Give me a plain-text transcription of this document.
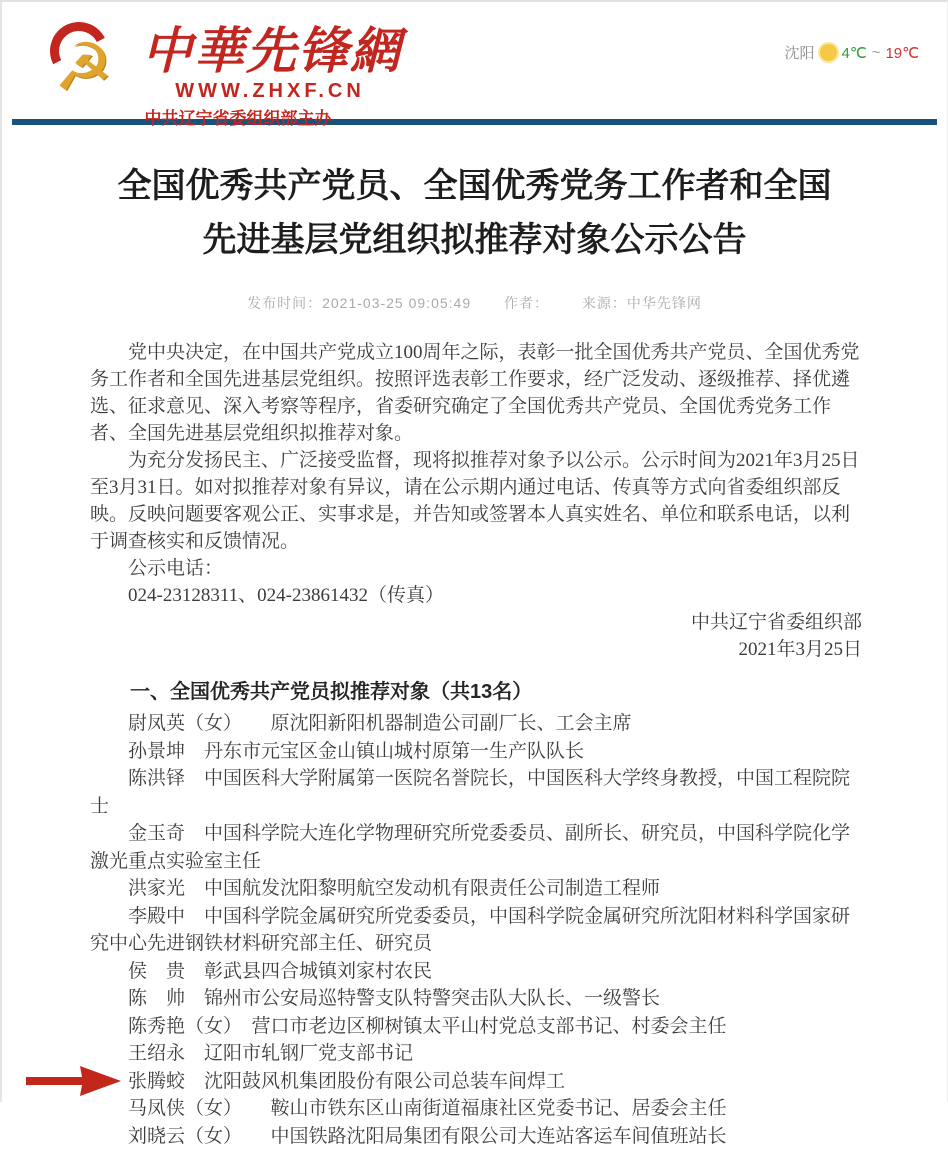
☭ 中華先锋網
WWW.ZHXF.CN
中共辽宁省委组织部主办
沈阳 4℃ ~ 19℃
全国优秀共产党员、全国优秀党务工作者和全国
先进基层党组织拟推荐对象公示公告
发布时间：2021-03-25 09:05:49 作者： 来源：中华先锋网

党中央决定，在中国共产党成立100周年之际，表彰一批全国优秀共产党员、全国优秀党务工作者和全国先进基层党组织。按照评选表彰工作要求，经广泛发动、逐级推荐、择优遴选、征求意见、深入考察等程序，省委研究确定了全国优秀共产党员、全国优秀党务工作者、全国先进基层党组织拟推荐对象。

为充分发扬民主、广泛接受监督，现将拟推荐对象予以公示。公示时间为2021年3月25日至3月31日。如对拟推荐对象有异议，请在公示期内通过电话、传真等方式向省委组织部反映。反映问题要客观公正、实事求是，并告知或签署本人真实姓名、单位和联系电话，以利于调查核实和反馈情况。

公示电话：

024-23128311、024-23861432（传真）

中共辽宁省委组织部
2021年3月25日
一、全国优秀共产党员拟推荐对象（共13名）
尉凤英（女）　　原沈阳新阳机器制造公司副厂长、工会主席
孙景坤　丹东市元宝区金山镇山城村原第一生产队队长
陈洪铎　中国医科大学附属第一医院名誉院长，中国医科大学终身教授，中国工程院院士
金玉奇　中国科学院大连化学物理研究所党委委员、副所长、研究员，中国科学院化学激光重点实验室主任
洪家光　中国航发沈阳黎明航空发动机有限责任公司制造工程师
李殿中　中国科学院金属研究所党委委员，中国科学院金属研究所沈阳材料科学国家研究中心先进钢铁材料研究部主任、研究员
侯　贵　彰武县四合城镇刘家村农民
陈　帅　锦州市公安局巡特警支队特警突击队大队长、一级警长
陈秀艳（女）　营口市老边区柳树镇太平山村党总支部书记、村委会主任
王绍永　辽阳市轧钢厂党支部书记
张腾蛟　沈阳鼓风机集团股份有限公司总装车间焊工
马凤侠（女）　　鞍山市铁东区山南街道福康社区党委书记、居委会主任
刘晓云（女）　　中国铁路沈阳局集团有限公司大连站客运车间值班站长
